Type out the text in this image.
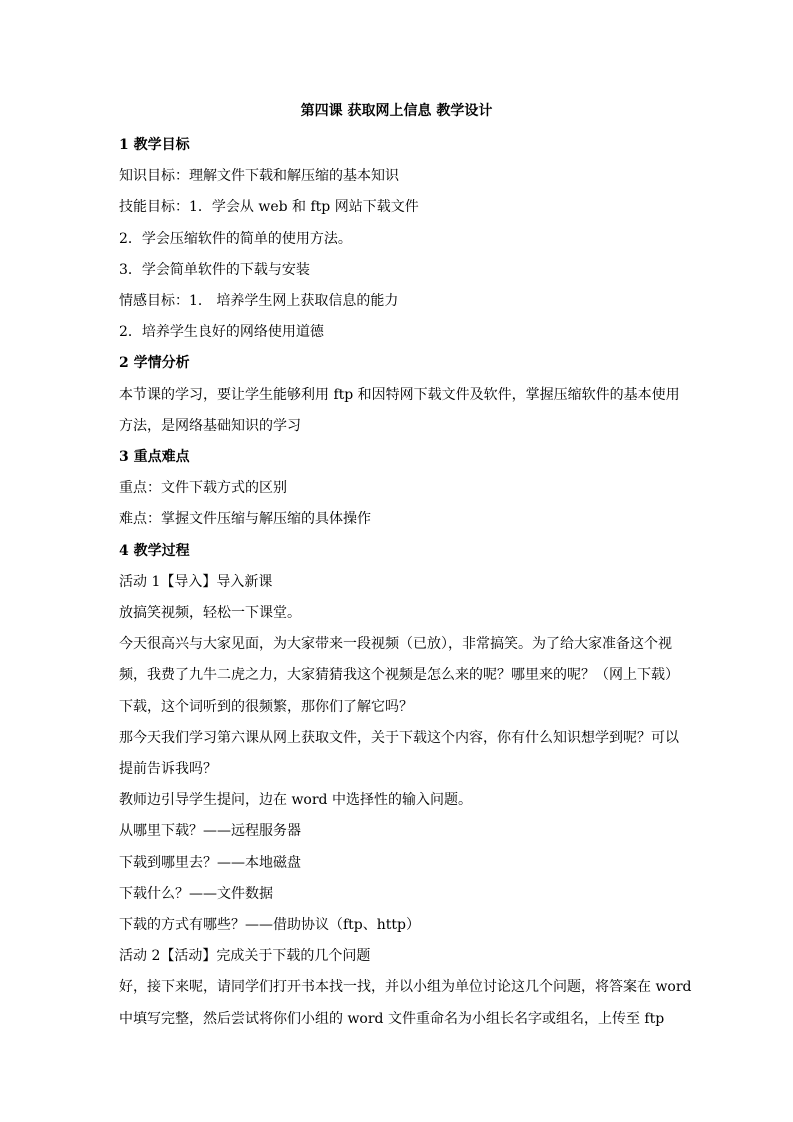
第四课 获取网上信息 教学设计

1 教学目标

知识目标：理解文件下载和解压缩的基本知识

技能目标：1．学会从 web 和 ftp 网站下载文件

2．学会压缩软件的简单的使用方法。

3．学会简单软件的下载与安装

情感目标：1． 培养学生网上获取信息的能力

2．培养学生良好的网络使用道德

2 学情分析

本节课的学习，要让学生能够利用 ftp 和因特网下载文件及软件，掌握压缩软件的基本使用

方法，是网络基础知识的学习

3 重点难点

重点：文件下载方式的区别

难点：掌握文件压缩与解压缩的具体操作

4 教学过程

活动 1【导入】导入新课

放搞笑视频，轻松一下课堂。

今天很高兴与大家见面，为大家带来一段视频（已放），非常搞笑。为了给大家准备这个视

频，我费了九牛二虎之力，大家猜猜我这个视频是怎么来的呢？哪里来的呢？（网上下载）

下载，这个词听到的很频繁，那你们了解它吗？

那今天我们学习第六课从网上获取文件，关于下载这个内容，你有什么知识想学到呢？可以

提前告诉我吗？

教师边引导学生提问，边在 word 中选择性的输入问题。

从哪里下载？——远程服务器

下载到哪里去？——本地磁盘

下载什么？——文件数据

下载的方式有哪些？——借助协议（ftp、http）

活动 2【活动】完成关于下载的几个问题

好，接下来呢，请同学们打开书本找一找，并以小组为单位讨论这几个问题，将答案在 word

中填写完整，然后尝试将你们小组的 word 文件重命名为小组长名字或组名，上传至 ftp
